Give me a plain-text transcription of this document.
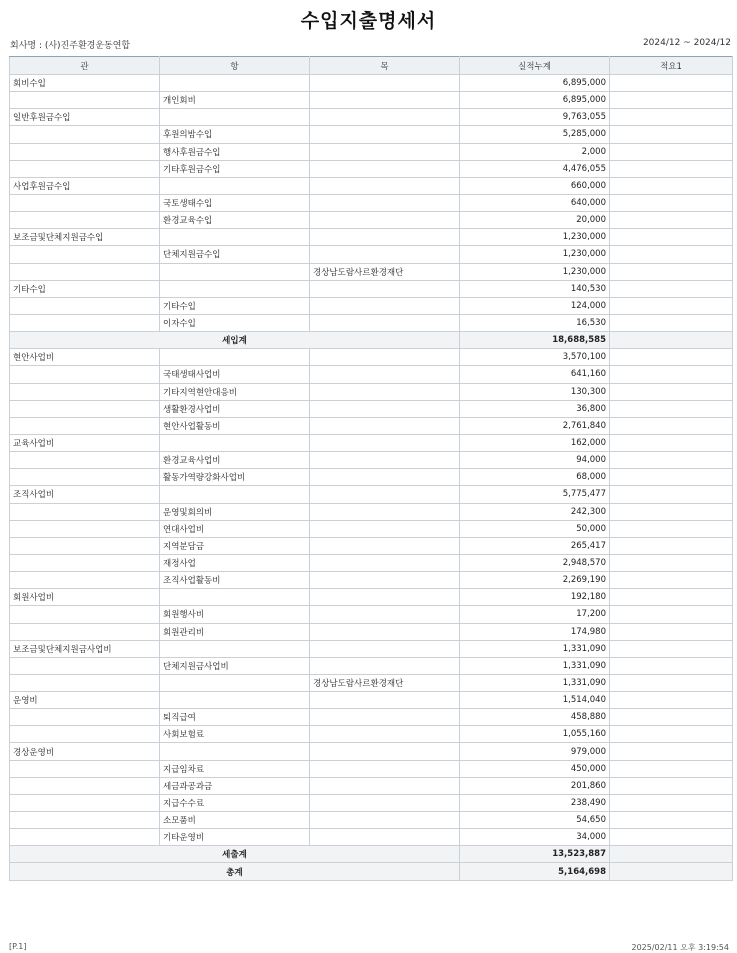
수입지출명세서
회사명 : (사)진주환경운동연합	2024/12 ~ 2024/12
관	항	목	실적누계	적요1
회비수입			6,895,000	
	개인회비		6,895,000	
일반후원금수입			9,763,055	
	후원의밤수입		5,285,000	
	행사후원금수입		2,000	
	기타후원금수입		4,476,055	
사업후원금수입			660,000	
	국토생태수입		640,000	
	환경교육수입		20,000	
보조금및단체지원금수입			1,230,000	
	단체지원금수입		1,230,000	
		경상남도람사르환경재단	1,230,000	
기타수입			140,530	
	기타수입		124,000	
	이자수입		16,530	
세입계			18,688,585	
현안사업비			3,570,100	
	국태생태사업비		641,160	
	기타지역현안대응비		130,300	
	생활환경사업비		36,800	
	현안사업활동비		2,761,840	
교육사업비			162,000	
	환경교육사업비		94,000	
	활동가역량강화사업비		68,000	
조직사업비			5,775,477	
	운영및회의비		242,300	
	연대사업비		50,000	
	지역분담금		265,417	
	재정사업		2,948,570	
	조직사업활동비		2,269,190	
회원사업비			192,180	
	회원행사비		17,200	
	회원관리비		174,980	
보조금및단체지원금사업비			1,331,090	
	단체지원금사업비		1,331,090	
		경상남도람사르환경재단	1,331,090	
운영비			1,514,040	
	퇴직급여		458,880	
	사회보험료		1,055,160	
경상운영비			979,000	
	지급임차료		450,000	
	세금과공과금		201,860	
	지급수수료		238,490	
	소모품비		54,650	
	기타운영비		34,000	
세출계			13,523,887	
총계			5,164,698	
[P.1]	2025/02/11 오후 3:19:54
